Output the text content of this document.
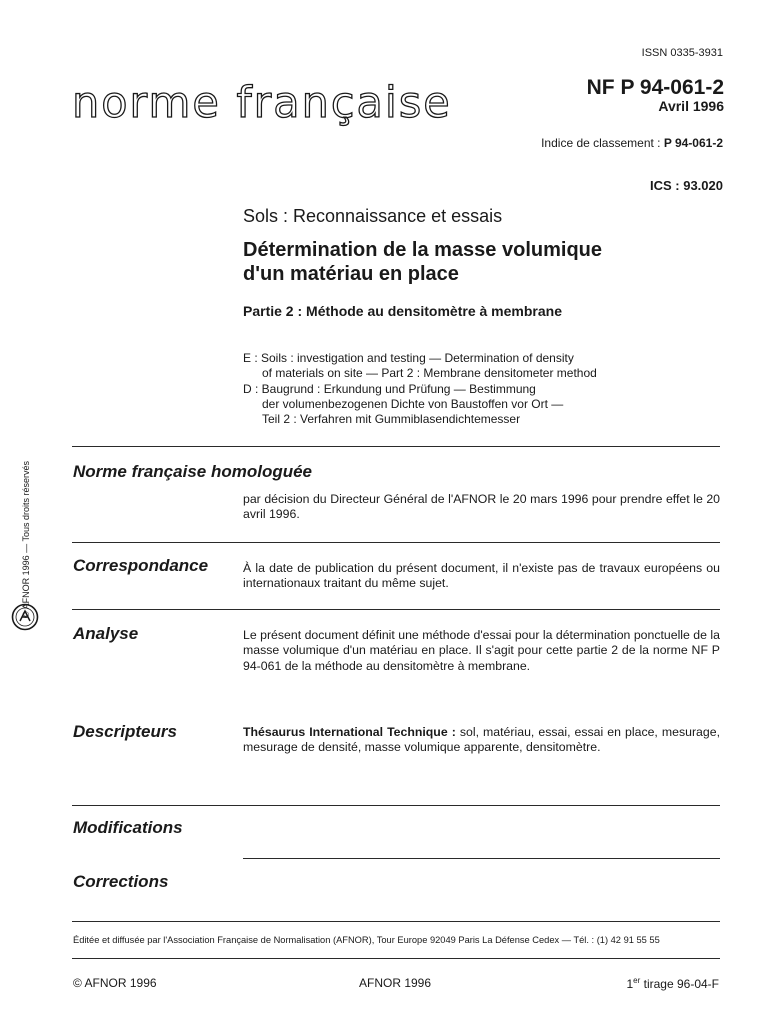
ISSN 0335-3931
norme française	NF P 94-061-2
Avril 1996
Indice de classement : P 94-061-2
ICS : 93.020
Sols : Reconnaissance et essais
Détermination de la masse volumique
d'un matériau en place
Partie 2 : Méthode au densitomètre à membrane
E : Soils : investigation and testing — Determination of density
of materials on site — Part 2 : Membrane densitometer method
D : Baugrund : Erkundung und Prüfung — Bestimmung
der volumenbezogenen Dichte von Baustoffen vor Ort —
Teil 2 : Verfahren mit Gummiblasendichtemesser
© AFNOR 1996 — Tous droits réservés Norme française homologuée
par décision du Directeur Général de l'AFNOR le 20 mars 1996 pour prendre effet le 20 avril 1996.
Correspondance	À la date de publication du présent document, il n'existe pas de travaux européens ou internationaux traitant du même sujet.
Analyse	Le présent document définit une méthode d'essai pour la détermination ponctuelle de la masse volumique d'un matériau en place. Il s'agit pour cette partie 2 de la norme NF P 94-061 de la méthode au densitomètre à membrane.
Descripteurs	Thésaurus International Technique : sol, matériau, essai, essai en place, mesurage, mesurage de densité, masse volumique apparente, densitomètre.
Modifications
Corrections
Éditée et diffusée par l'Association Française de Normalisation (AFNOR), Tour Europe 92049 Paris La Défense Cedex — Tél. : (1) 42 91 55 55
© AFNOR 1996	AFNOR 1996	1er tirage 96-04-F
